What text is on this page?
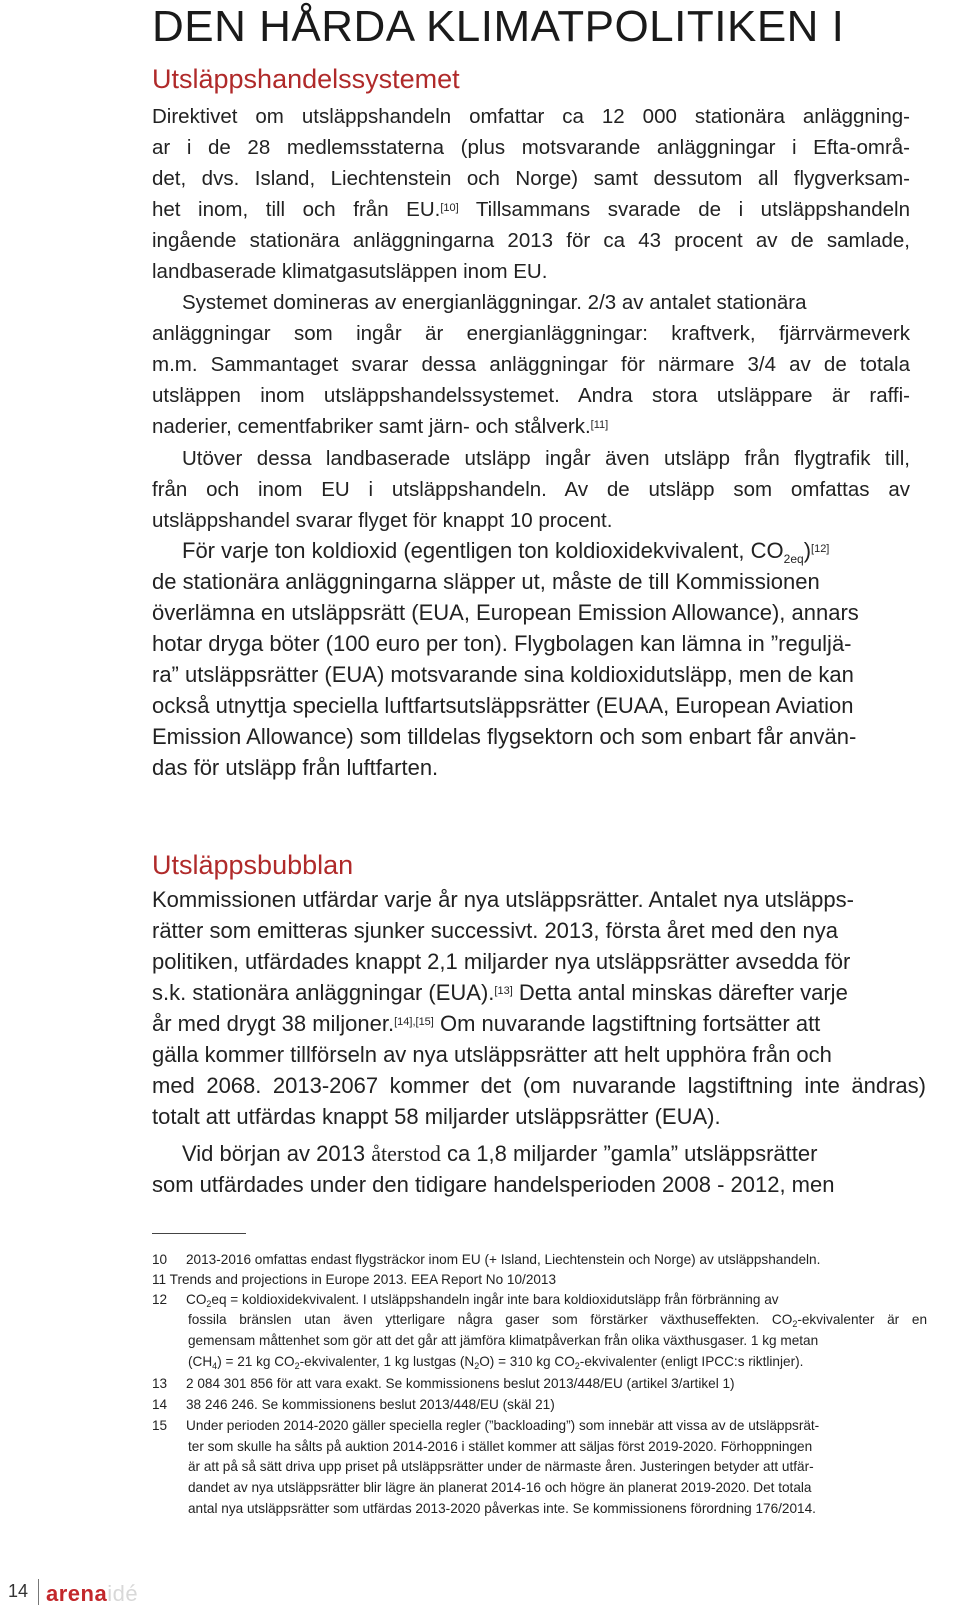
DEN HÅRDA KLIMATPOLITIKEN I
Utsläppshandelssystemet
Direktivet om utsläppshandeln omfattar ca 12 000 stationära anläggning-
ar i de 28 medlemsstaterna (plus motsvarande anläggningar i Efta-områ-
det, dvs. Island, Liechtenstein och Norge) samt dessutom all flygverksam-
het inom, till och från EU.[10] Tillsammans svarade de i utsläppshandeln
ingående stationära anläggningarna 2013 för ca 43 procent av de samlade,
landbaserade klimatgasutsläppen inom EU.
Systemet domineras av energianläggningar. 2/3 av antalet stationära
anläggningar som ingår är energianläggningar: kraftverk, fjärrvärmeverk
m.m. Sammantaget svarar dessa anläggningar för närmare 3/4 av de totala
utsläppen inom utsläppshandelssystemet. Andra stora utsläppare är raffi-
naderier, cementfabriker samt järn- och stålverk.[11]
Utöver dessa landbaserade utsläpp ingår även utsläpp från flygtrafik till,
från och inom EU i utsläppshandeln. Av de utsläpp som omfattas av
utsläppshandel svarar flyget för knappt 10 procent.
För varje ton koldioxid (egentligen ton koldioxidekvivalent, $CO_{2eq})[12]$
de stationära anläggningarna släpper ut, måste de till Kommissionen
överlämna en utsläppsrätt (EUA, European Emission Allowance), annars
hotar dryga böter (100 euro per ton). Flygbolagen kan lämna in ”reguljä-
ra” utsläppsrätter (EUA) motsvarande sina koldioxidutsläpp, men de kan
också utnyttja speciella luftfartsutsläppsrätter (EUAA, European Aviation
Emission Allowance) som tilldelas flygsektorn och som enbart får använ-
das för utsläpp från luftfarten.
Utsläppsbubblan
Kommissionen utfärdar varje år nya utsläppsrätter. Antalet nya utsläpps-
rätter som emitteras sjunker successivt. 2013, första året med den nya
politiken, utfärdades knappt 2,1 miljarder nya utsläppsrätter avsedda för
s.k. stationära anläggningar (EUA).[13] Detta antal minskas därefter varje
år med drygt 38 miljoner.[14],[15] Om nuvarande lagstiftning fortsätter att
gälla kommer tillförseln av nya utsläppsrätter att helt upphöra från och
med 2068. 2013-2067 kommer det (om nuvarande lagstiftning inte ändras)
totalt att utfärdas knappt 58 miljarder utsläppsrätter (EUA).
Vid början av 2013 återstod ca 1,8 miljarder ”gamla” utsläppsrätter
som utfärdades under den tidigare handelsperioden 2008 - 2012, men
10 2013-2016 omfattas endast flygsträckor inom EU (+ Island, Liechtenstein och Norge) av utsläppshandeln.
11 Trends and projections in Europe 2013. EEA Report No 10/2013
12 $CO_2eq$ = koldioxidekvivalent. I utsläppshandeln ingår inte bara koldioxidutsläpp från förbränning av
fossila bränslen utan även ytterligare några gaser som förstärker växthuseffekten. $CO_2$-ekvivalenter är en
gemensam måttenhet som gör att det går att jämföra klimatpåverkan från olika växthusgaser. 1 kg metan
$(CH_4) = 21$ kg $CO_2$-ekvivalenter, 1 kg lustgas $(N_2O) = 310$ kg $CO_2$-ekvivalenter (enligt IPCC:s riktlinjer).
13 2 084 301 856 för att vara exakt. Se kommissionens beslut 2013/448/EU (artikel 3/artikel 1)
14 38 246 246. Se kommissionens beslut 2013/448/EU (skäl 21)
15 Under perioden 2014-2020 gäller speciella regler (”backloading”) som innebär att vissa av de utsläppsrät-
ter som skulle ha sålts på auktion 2014-2016 i stället kommer att säljas först 2019-2020. Förhoppningen
är att på så sätt driva upp priset på utsläppsrätter under de närmaste åren. Justeringen betyder att utfär-
dandet av nya utsläppsrätter blir lägre än planerat 2014-16 och högre än planerat 2019-2020. Det totala
antal nya utsläppsrätter som utfärdas 2013-2020 påverkas inte. Se kommissionens förordning 176/2014.
14 arenaidé
